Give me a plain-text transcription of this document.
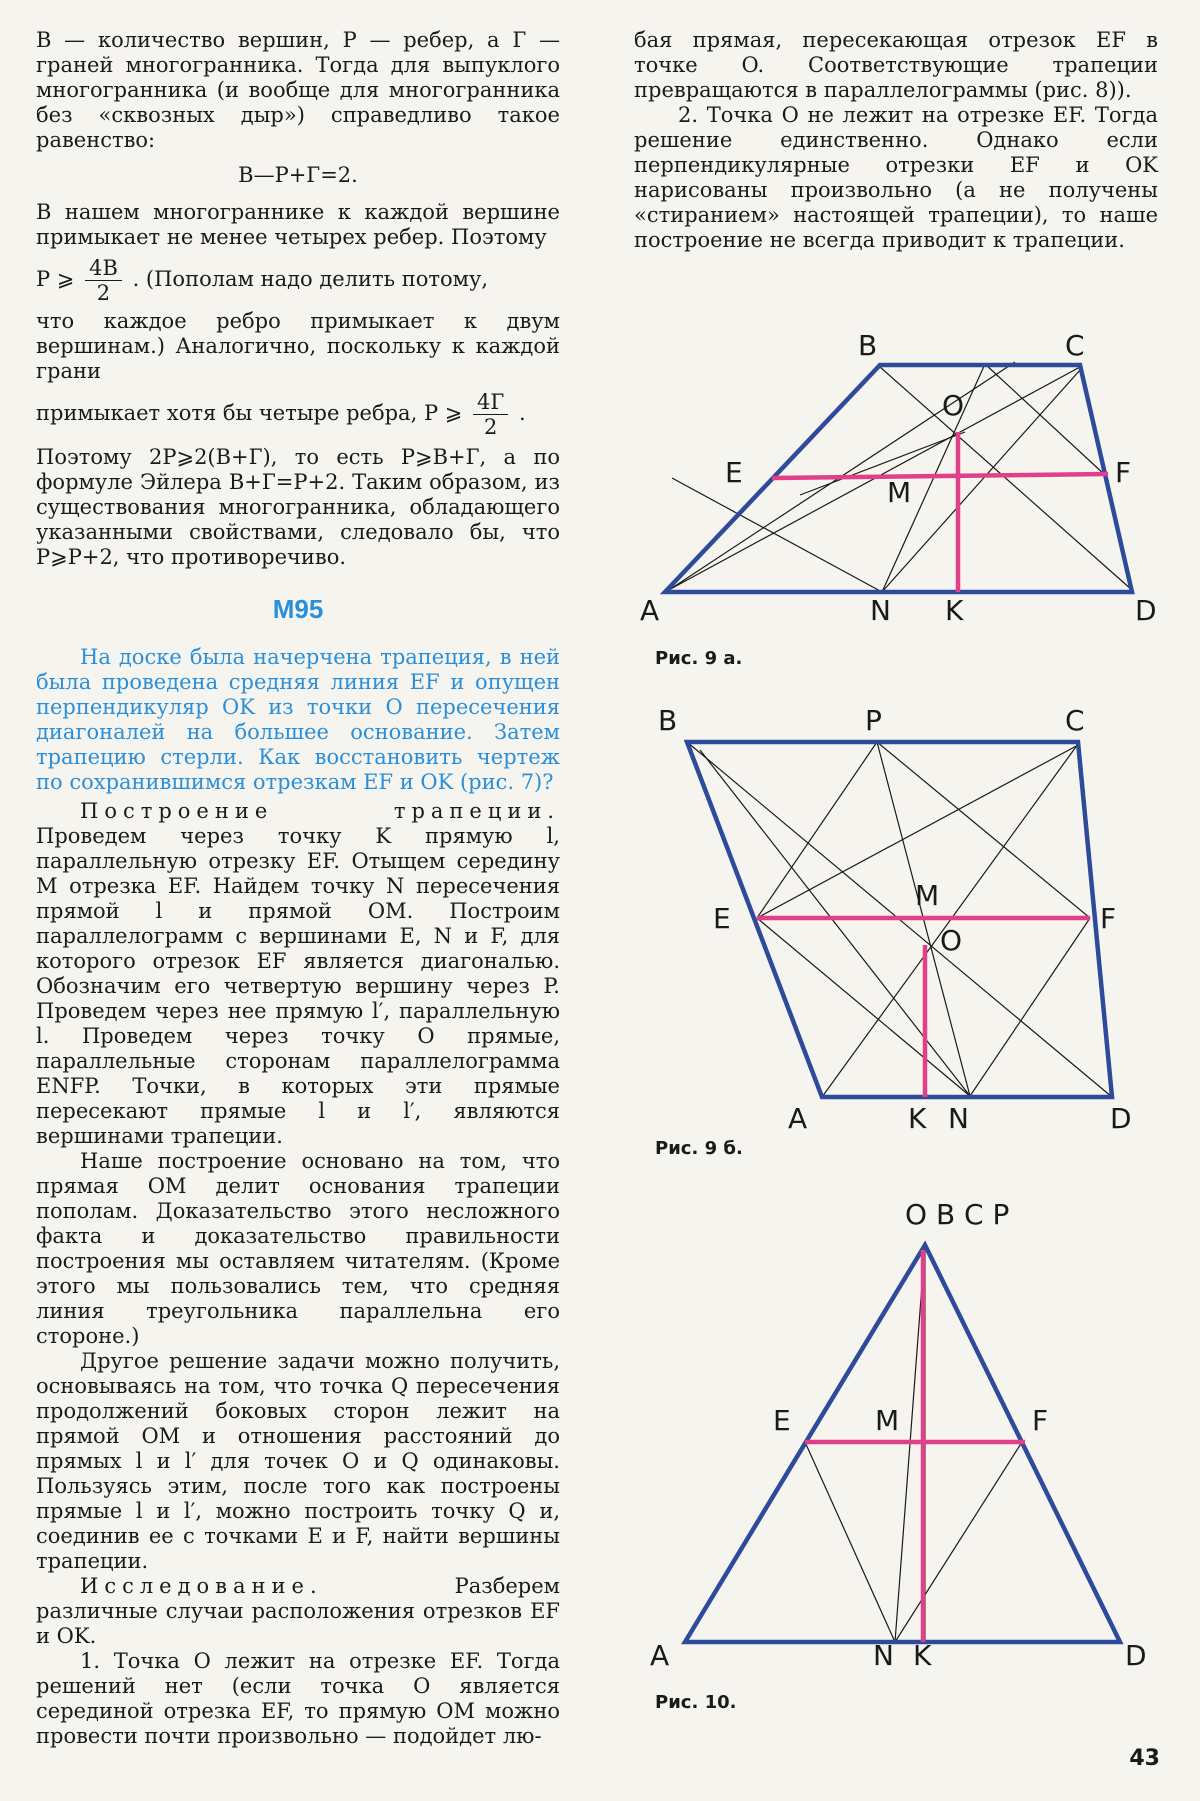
B — количество вершин, P — ребер, а Г — граней многогранника. Тогда для выпуклого многогранника (и вообще для многогранника без «сквозных дыр») справедливо такое равенство:

В—Р+Г=2.

В нашем многограннике к каждой вершине примыкает не менее четырех ребер. Поэтому

Р ⩾ $\frac{4В}{2}$ . (Пополам надо делить потому,

что каждое ребро примыкает к двум вершинам.) Аналогично, поскольку к каждой грани

примыкает хотя бы четыре ребра, Р ⩾ $\frac{4Г}{2}$ .

Поэтому 2Р⩾2(В+Г), то есть Р⩾В+Г, а по формуле Эйлера В+Г=Р+2. Таким образом, из существования многогранника, обладающего указанными свойствами, следовало бы, что Р⩾Р+2, что противоречиво.

М95

На доске была начерчена трапеция, в ней была проведена средняя линия EF и опущен перпендикуляр OK из точки O пересечения диагоналей на большее основание. Затем трапецию стерли. Как восстановить чертеж по сохранившимся отрезкам EF и OK (рис. 7)?

Построение трапеции. Проведем через точку K прямую l, параллельную отрезку EF. Отыщем середину M отрезка EF. Найдем точку N пересечения прямой l и прямой OM. Построим параллелограмм с вершинами E, N и F, для которого отрезок EF является диагональю. Обозначим его четвертую вершину через P. Проведем через нее прямую l′, параллельную l. Проведем через точку O прямые, параллельные сторонам параллелограмма ENFP. Точки, в которых эти прямые пересекают прямые l и l′, являются вершинами трапеции.

Наше построение основано на том, что прямая OM делит основания трапеции пополам. Доказательство этого несложного факта и доказательство правильности построения мы оставляем читателям. (Кроме этого мы пользовались тем, что средняя линия треугольника параллельна его стороне.)

Другое решение задачи можно получить, основываясь на том, что точка Q пересечения продолжений боковых сторон лежит на прямой OM и отношения расстояний до прямых l и l′ для точек O и Q одинаковы. Пользуясь этим, после того как построены прямые l и l′, можно построить точку Q и, соединив ее с точками E и F, найти вершины трапеции.

Исследование.	Разберем различные случаи расположения отрезков EF и OK.

1. Точка O лежит на отрезке EF. Тогда решений нет (если точка O является серединой отрезка EF, то прямую OM можно провести почти произвольно — подойдет лю-

бая прямая, пересекающая отрезок EF в точке O. Соответствующие трапеции превращаются в параллелограммы (рис. 8)).

2. Точка O не лежит на отрезке EF. Тогда решение единственно. Однако если перпендикулярные отрезки EF и OK нарисованы произвольно (а не получены «стиранием» настоящей трапеции), то наше построение не всегда приводит к трапеции.

B	C
O
E	F
M
A	N K	D
Рис. 9 а.
B	P	C
M
O
E	F
A	K N	D
Рис. 9 б.
O B C P
E	M	F
A	N K	D
Рис. 10.
43
